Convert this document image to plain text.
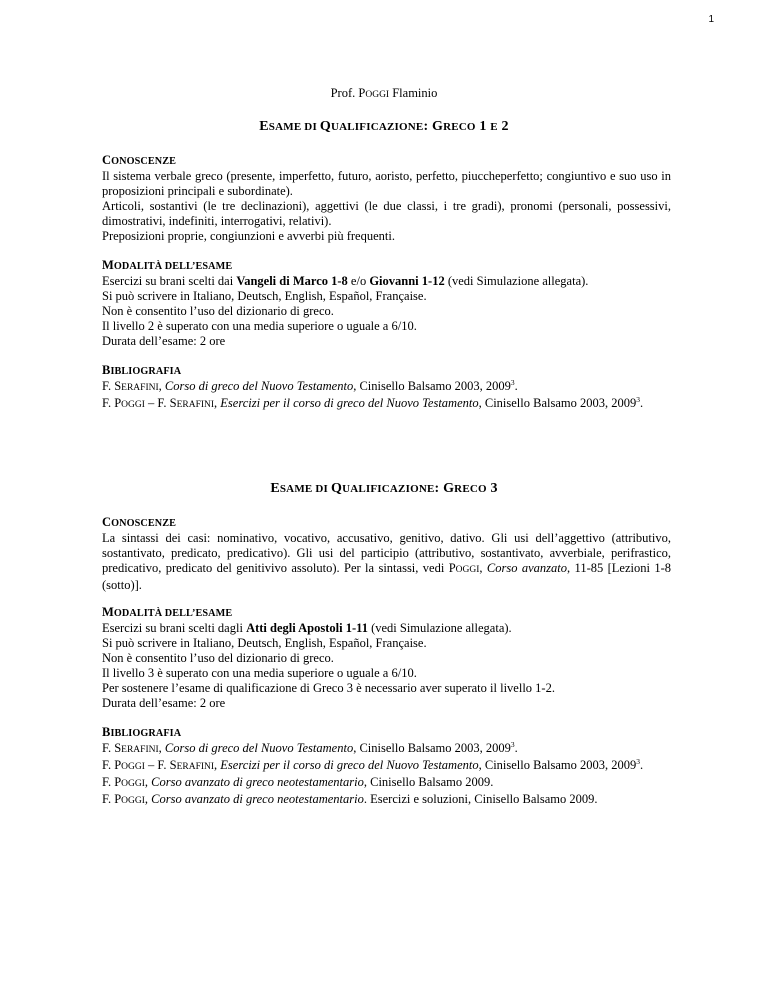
1
Prof. POGGI Flaminio
ESAME DI QUALIFICAZIONE: GRECO 1 E 2

CONOSCENZE

Il sistema verbale greco (presente, imperfetto, futuro, aoristo, perfetto, piuccheperfetto; congiuntivo e suo uso in proposizioni principali e subordinate).

Articoli, sostantivi (le tre declinazioni), aggettivi (le due classi, i tre gradi), pronomi (personali, possessivi, dimostrativi, indefiniti, interrogativi, relativi).

Preposizioni proprie, congiunzioni e avverbi più frequenti.

MODALITÀ DELL’ESAME

Esercizi su brani scelti dai Vangeli di Marco 1-8 e/o Giovanni 1-12 (vedi Simulazione allegata).

Si può scrivere in Italiano, Deutsch, English, Español, Française.

Non è consentito l’uso del dizionario di greco.

Il livello 2 è superato con una media superiore o uguale a 6/10.

Durata dell’esame: 2 ore

BIBLIOGRAFIA

F. SERAFINI, Corso di greco del Nuovo Testamento, Cinisello Balsamo 2003, 2009$^3$.

F. POGGI – F. SERAFINI, Esercizi per il corso di greco del Nuovo Testamento, Cinisello Balsamo 2003, 2009$^3$.

ESAME DI QUALIFICAZIONE: GRECO 3

CONOSCENZE

La sintassi dei casi: nominativo, vocativo, accusativo, genitivo, dativo. Gli usi dell’aggettivo (attributivo, sostantivato, predicato, predicativo). Gli usi del participio (attributivo, sostantivato, avverbiale, perifrastico, predicativo, predicato del genitivivo assoluto). Per la sintassi, vedi POGGI, Corso avanzato, 11-85 [Lezioni 1-8 (sotto)].

MODALITÀ DELL’ESAME

Esercizi su brani scelti dagli Atti degli Apostoli 1-11 (vedi Simulazione allegata).

Si può scrivere in Italiano, Deutsch, English, Español, Française.

Non è consentito l’uso del dizionario di greco.

Il livello 3 è superato con una media superiore o uguale a 6/10.

Per sostenere l’esame di qualificazione di Greco 3 è necessario aver superato il livello 1-2.

Durata dell’esame: 2 ore

BIBLIOGRAFIA

F. SERAFINI, Corso di greco del Nuovo Testamento, Cinisello Balsamo 2003, 2009$^3$.

F. POGGI – F. SERAFINI, Esercizi per il corso di greco del Nuovo Testamento, Cinisello Balsamo 2003, 2009$^3$.

F. POGGI, Corso avanzato di greco neotestamentario, Cinisello Balsamo 2009.

F. POGGI, Corso avanzato di greco neotestamentario. Esercizi e soluzioni, Cinisello Balsamo 2009.
